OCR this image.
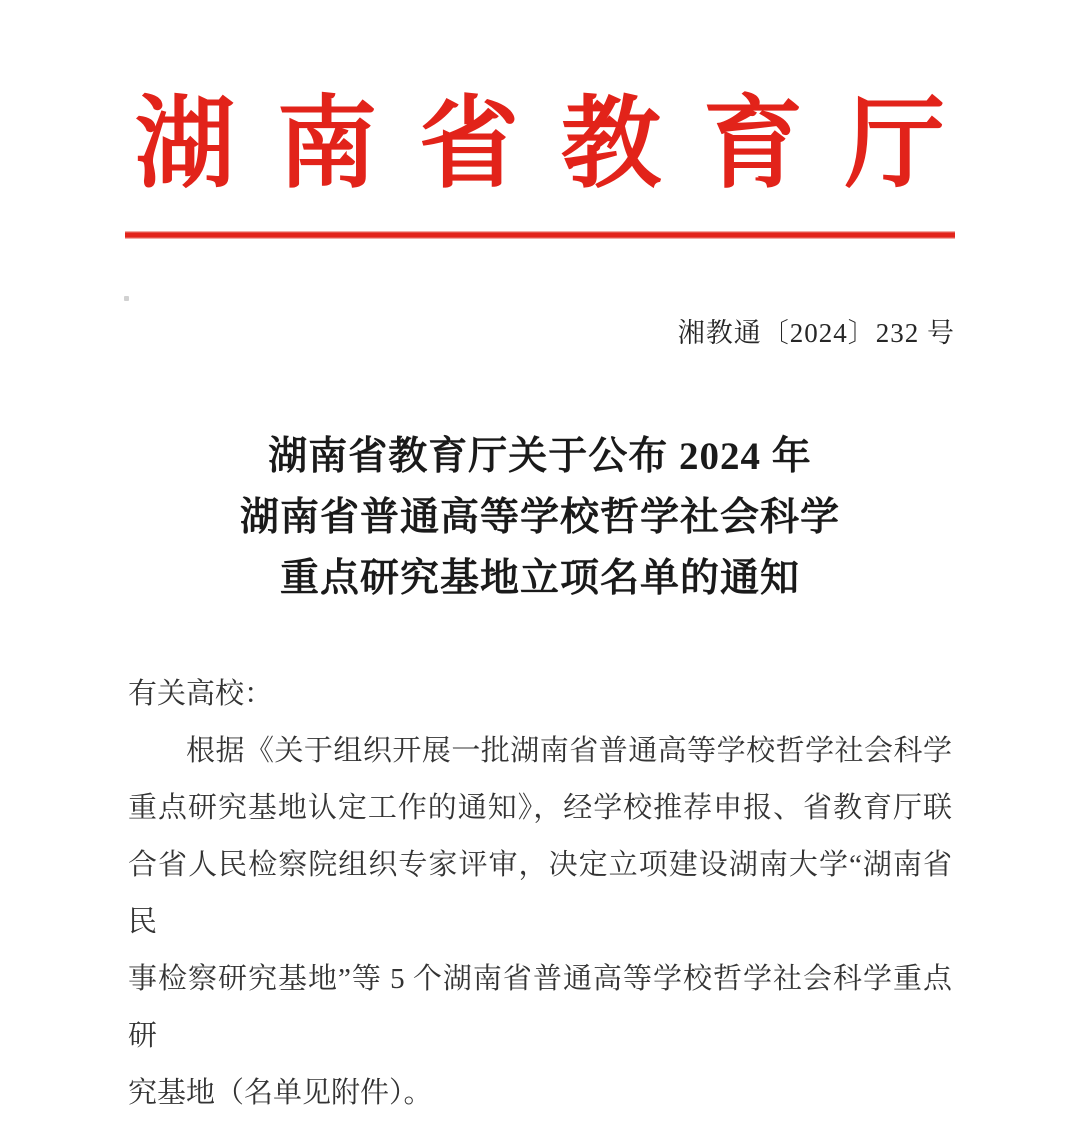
湖南省教育厅
湘教通〔2024〕232 号
湖南省教育厅关于公布 2024 年
湖南省普通高等学校哲学社会科学
重点研究基地立项名单的通知
有关高校：
根据《关于组织开展一批湖南省普通高等学校哲学社会科学
重点研究基地认定工作的通知》，经学校推荐申报、省教育厅联
合省人民检察院组织专家评审，决定立项建设湖南大学“湖南省民
事检察研究基地”等 5 个湖南省普通高等学校哲学社会科学重点研
究基地（名单见附件）。
